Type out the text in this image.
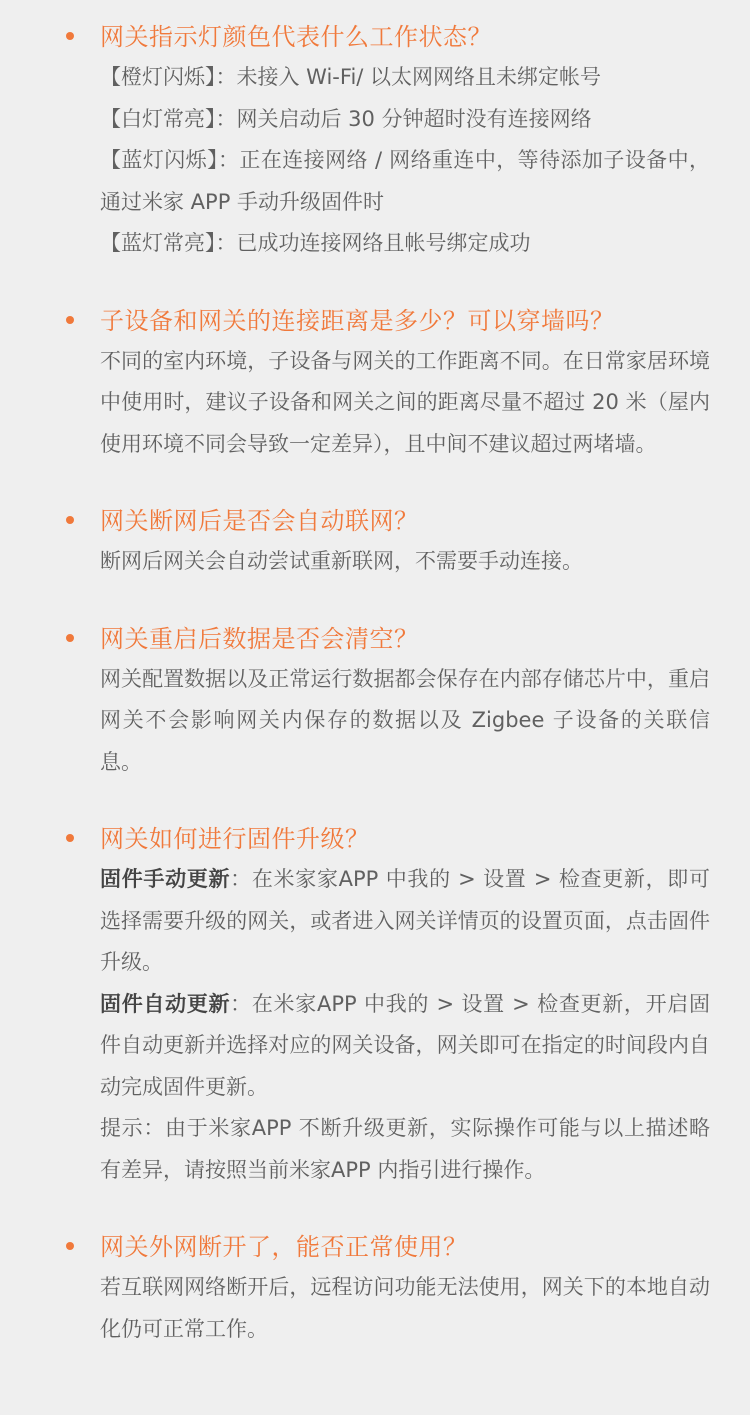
网关指示灯颜色代表什么工作状态？

【橙灯闪烁】：未接入 Wi-Fi/ 以太网网络且未绑定帐号

【白灯常亮】：网关启动后 30 分钟超时没有连接网络

【蓝灯闪烁】：正在连接网络 / 网络重连中，等待添加子设备中，通过米家 APP 手动升级固件时

【蓝灯常亮】：已成功连接网络且帐号绑定成功

子设备和网关的连接距离是多少？可以穿墙吗？

不同的室内环境，子设备与网关的工作距离不同。在日常家居环境中使用时，建议子设备和网关之间的距离尽量不超过 20 米（屋内使用环境不同会导致一定差异），且中间不建议超过两堵墙。

网关断网后是否会自动联网？

断网后网关会自动尝试重新联网，不需要手动连接。

网关重启后数据是否会清空？

网关配置数据以及正常运行数据都会保存在内部存储芯片中，重启网关不会影响网关内保存的数据以及 Zigbee 子设备的关联信息。

网关如何进行固件升级？

固件手动更新：在米家家APP 中我的 > 设置 > 检查更新，即可选择需要升级的网关，或者进入网关详情页的设置页面，点击固件升级。

固件自动更新：在米家APP 中我的 > 设置 > 检查更新，开启固件自动更新并选择对应的网关设备，网关即可在指定的时间段内自动完成固件更新。

提示：由于米家APP 不断升级更新，实际操作可能与以上描述略有差异，请按照当前米家APP 内指引进行操作。

网关外网断开了，能否正常使用？

若互联网网络断开后，远程访问功能无法使用，网关下的本地自动化仍可正常工作。
